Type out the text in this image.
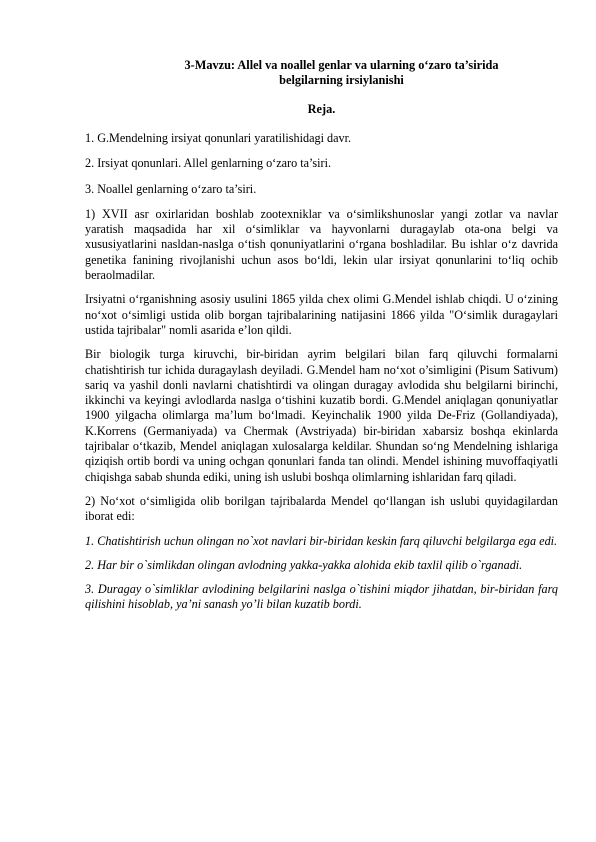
3-Mavzu: Allel va noallel genlar va ularning o‘zaro ta’sirida
belgilarning irsiylanishi
Reja.

1. G.Mendelning irsiyat qonunlari yaratilishidagi davr.

2. Irsiyat qonunlari. Allel genlarning o‘zaro ta’siri.

3. Noallel genlarning o‘zaro ta’siri.

1) XVII asr oxirlaridan boshlab zootexniklar va o‘simlikshunoslar yangi zotlar va navlar yaratish maqsadida har xil o‘simliklar va hayvonlarni duragaylab ota-ona belgi va xususiyatlarini nasldan-naslga o‘tish qonuniyatlarini o‘rgana boshladilar. Bu ishlar o‘z davrida genetika fanining rivojlanishi uchun asos bo‘ldi, lekin ular irsiyat qonunlarini to‘liq ochib beraolmadilar.

Irsiyatni o‘rganishning asosiy usulini 1865 yilda chex olimi G.Mendel ishlab chiqdi. U o‘zining no‘xot o‘simligi ustida olib borgan tajribalarining natijasini 1866 yilda "O‘simlik duragaylari ustida tajribalar" nomli asarida e’lon qildi.

Bir biologik turga kiruvchi, bir-biridan ayrim belgilari bilan farq qiluvchi formalarni chatishtirish tur ichida duragaylash deyiladi. G.Mendel ham no‘xot o’simligini (Pisum Sativum) sariq va yashil donli navlarni chatishtirdi va olingan duragay avlodida shu belgilarni birinchi, ikkinchi va keyingi avlodlarda naslga o‘tishini kuzatib bordi. G.Mendel aniqlagan qonuniyatlar 1900 yilgacha olimlarga ma’lum bo‘lmadi. Keyinchalik 1900 yilda De-Friz (Gollandiyada), K.Korrens (Germaniyada) va Chermak (Avstriyada) bir-biridan xabarsiz boshqa ekinlarda tajribalar o‘tkazib, Mendel aniqlagan xulosalarga keldilar. Shundan so‘ng Mendelning ishlariga qiziqish ortib bordi va uning ochgan qonunlari fanda tan olindi. Mendel ishining muvoffaqiyatli chiqishga sabab shunda ediki, uning ish uslubi boshqa olimlarning ishlaridan farq qiladi.

2) No‘xot o‘simligida olib borilgan tajribalarda Mendel qo‘llangan ish uslubi quyidagilardan iborat edi:

1. Chatishtirish uchun olingan no`xot navlari bir-biridan keskin farq qiluvchi belgilarga ega edi.

2. Har bir o`simlikdan olingan avlodning yakka-yakka alohida ekib taxlil qilib o`rganadi.

3. Duragay o`simliklar avlodining belgilarini naslga o`tishini miqdor jihatdan, bir-biridan farq qilishini hisoblab, ya’ni sanash yo’li bilan kuzatib bordi.
